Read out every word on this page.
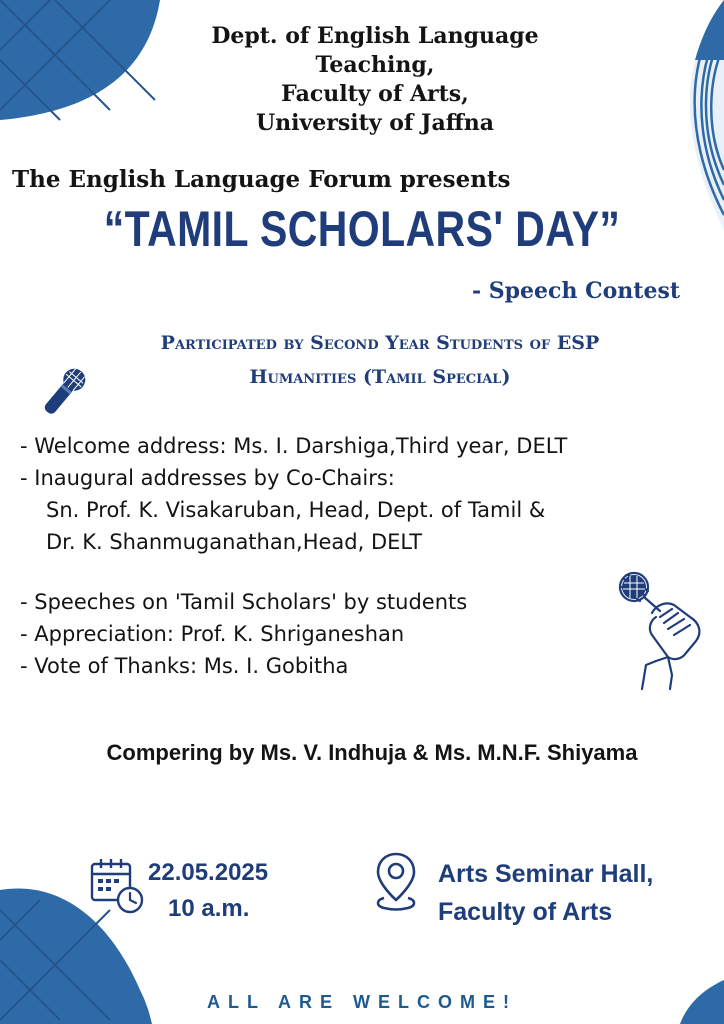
Dept. of English Language Teaching,
Faculty of Arts,
University of Jaffna
The English Language Forum presents
“TAMIL SCHOLARS' DAY”
- Speech Contest
Participated by Second Year Students of ESP
Humanities (Tamil Special)
- Welcome address: Ms. I. Darshiga,Third year, DELT
- Inaugural addresses by Co-Chairs:
Sn. Prof. K. Visakaruban, Head, Dept. of Tamil &
Dr. K. Shanmuganathan,Head, DELT
- Speeches on 'Tamil Scholars' by students
- Appreciation: Prof. K. Shriganeshan
- Vote of Thanks: Ms. I. Gobitha
Compering by Ms. V. Indhuja & Ms. M.N.F. Shiyama
22.05.2025
10 a.m.
Arts Seminar Hall,
Faculty of Arts
ALL ARE WELCOME!
